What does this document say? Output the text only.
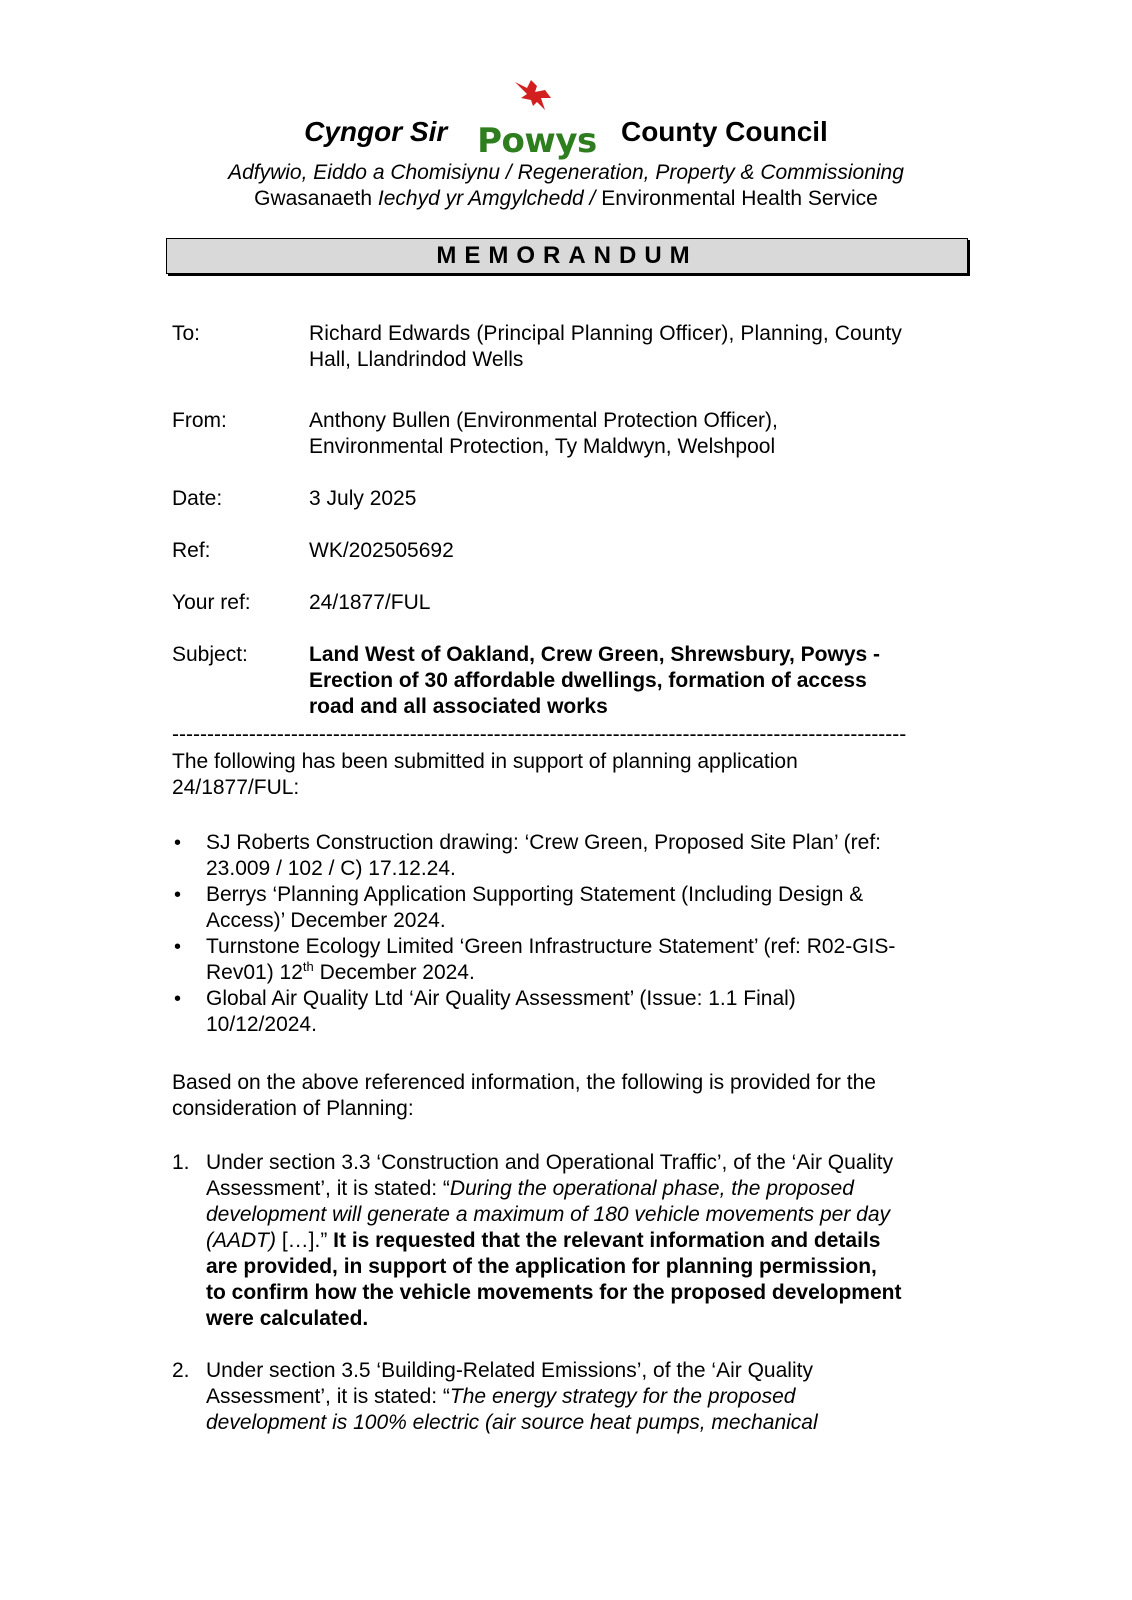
Cyngor Sir Powys County Council
Adfywio, Eiddo a Chomisiynu / Regeneration, Property & Commissioning
Gwasanaeth Iechyd yr Amgylchedd / Environmental Health Service
MEMORANDUM
To:	Richard Edwards (Principal Planning Officer), Planning, County
Hall, Llandrindod Wells
From:	Anthony Bullen (Environmental Protection Officer),
Environmental Protection, Ty Maldwyn, Welshpool
Date:	3 July 2025
Ref:	WK/202505692
Your ref:	24/1877/FUL
Subject:	Land West of Oakland, Crew Green, Shrewsbury, Powys -
Erection of 30 affordable dwellings, formation of access
road and all associated works
---------------------------------------------------------------------------------------------------------
The following has been submitted in support of planning application
24/1877/FUL:
• SJ Roberts Construction drawing: ‘Crew Green, Proposed Site Plan’ (ref:
23.009 / 102 / C) 17.12.24.
• Berrys ‘Planning Application Supporting Statement (Including Design &
Access)’ December 2024.
• Turnstone Ecology Limited ‘Green Infrastructure Statement’ (ref: R02-GIS-
Rev01) 12th December 2024.
• Global Air Quality Ltd ‘Air Quality Assessment’ (Issue: 1.1 Final)
10/12/2024.
Based on the above referenced information, the following is provided for the
consideration of Planning:
1. Under section 3.3 ‘Construction and Operational Traffic’, of the ‘Air Quality
Assessment’, it is stated: “During the operational phase, the proposed
development will generate a maximum of 180 vehicle movements per day
(AADT) […].” It is requested that the relevant information and details
are provided, in support of the application for planning permission,
to confirm how the vehicle movements for the proposed development
were calculated.
2. Under section 3.5 ‘Building-Related Emissions’, of the ‘Air Quality
Assessment’, it is stated: “The energy strategy for the proposed
development is 100% electric (air source heat pumps, mechanical
